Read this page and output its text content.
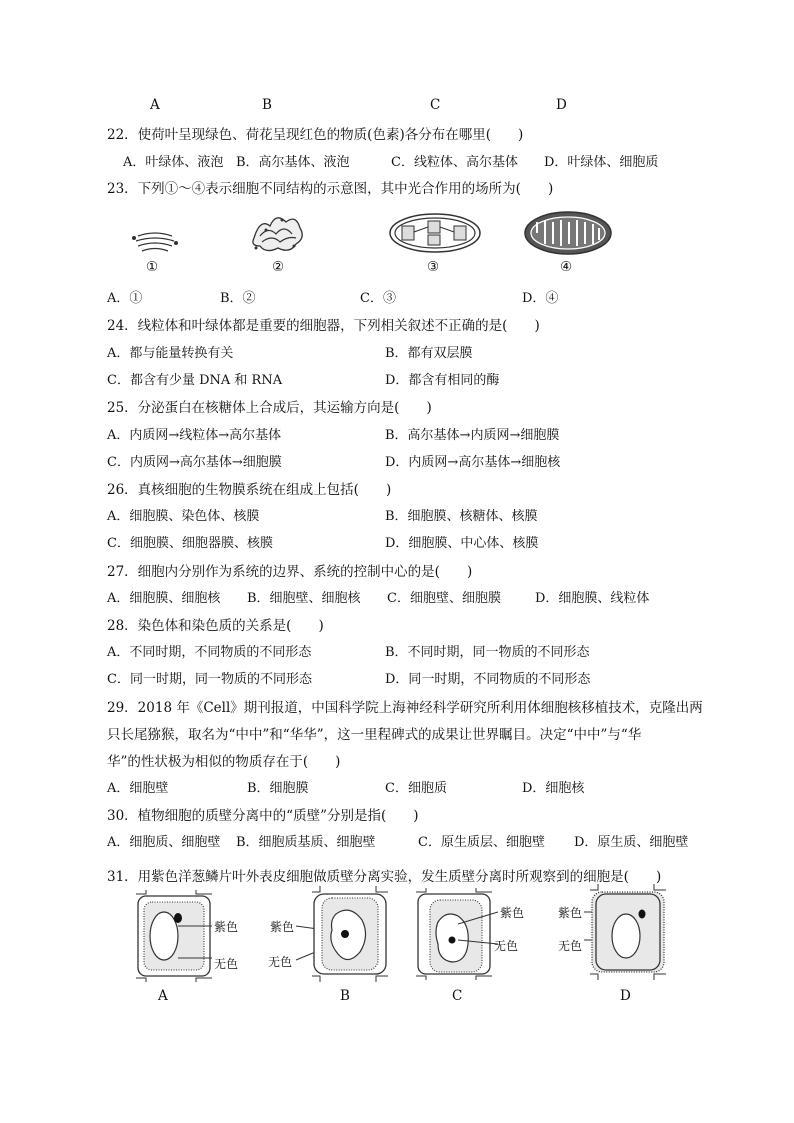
A	B	C	D
22．使荷叶呈现绿色、荷花呈现红色的物质(色素)各分布在哪里(　　)
A．叶绿体、液泡 B．高尔基体、液泡	C．线粒体、高尔基体 D．叶绿体、细胞质
23．下列①～④表示细胞不同结构的示意图，其中光合作用的场所为(　　)
①	②	③	④
A．①	B．②	C．③	D．④
24．线粒体和叶绿体都是重要的细胞器，下列相关叙述不正确的是(　　)
A．都与能量转换有关	B．都有双层膜
C．都含有少量 DNA 和 RNA	D．都含有相同的酶
25．分泌蛋白在核糖体上合成后，其运输方向是(　　)
A．内质网→线粒体→高尔基体	B．高尔基体→内质网→细胞膜
C．内质网→高尔基体→细胞膜	D．内质网→高尔基体→细胞核
26．真核细胞的生物膜系统在组成上包括(　　)
A．细胞膜、染色体、核膜	B．细胞膜、核糖体、核膜
C．细胞膜、细胞器膜、核膜	D．细胞膜、中心体、核膜
27．细胞内分别作为系统的边界、系统的控制中心的是(　　)
A．细胞膜、细胞核 B．细胞壁、细胞核 C．细胞壁、细胞膜	D．细胞膜、线粒体
28．染色体和染色质的关系是(　　)
A．不同时期，不同物质的不同形态	B．不同时期，同一物质的不同形态
C．同一时期，同一物质的不同形态	D．同一时期，不同物质的不同形态
29．2018 年《Cell》期刊报道，中国科学院上海神经科学研究所利用体细胞核移植技术，克隆出两
只长尾猕猴，取名为“中中”和“华华”，这一里程碑式的成果让世界瞩目。决定“中中”与“华
华”的性状极为相似的物质存在于(　　)
A．细胞壁	B．细胞膜	C．细胞质	D．细胞核
30．植物细胞的质壁分离中的“质壁”分别是指(　　)
A．细胞质、细胞壁 B．细胞质基质、细胞壁	C．原生质层、细胞壁 D．原生质、细胞壁
31．用紫色洋葱鳞片叶外表皮细胞做质壁分离实验，发生质壁分离时所观察到的细胞是(　　)
紫色
无色
A
紫色
无色
B
紫色
无色
C
紫色
无色
D
